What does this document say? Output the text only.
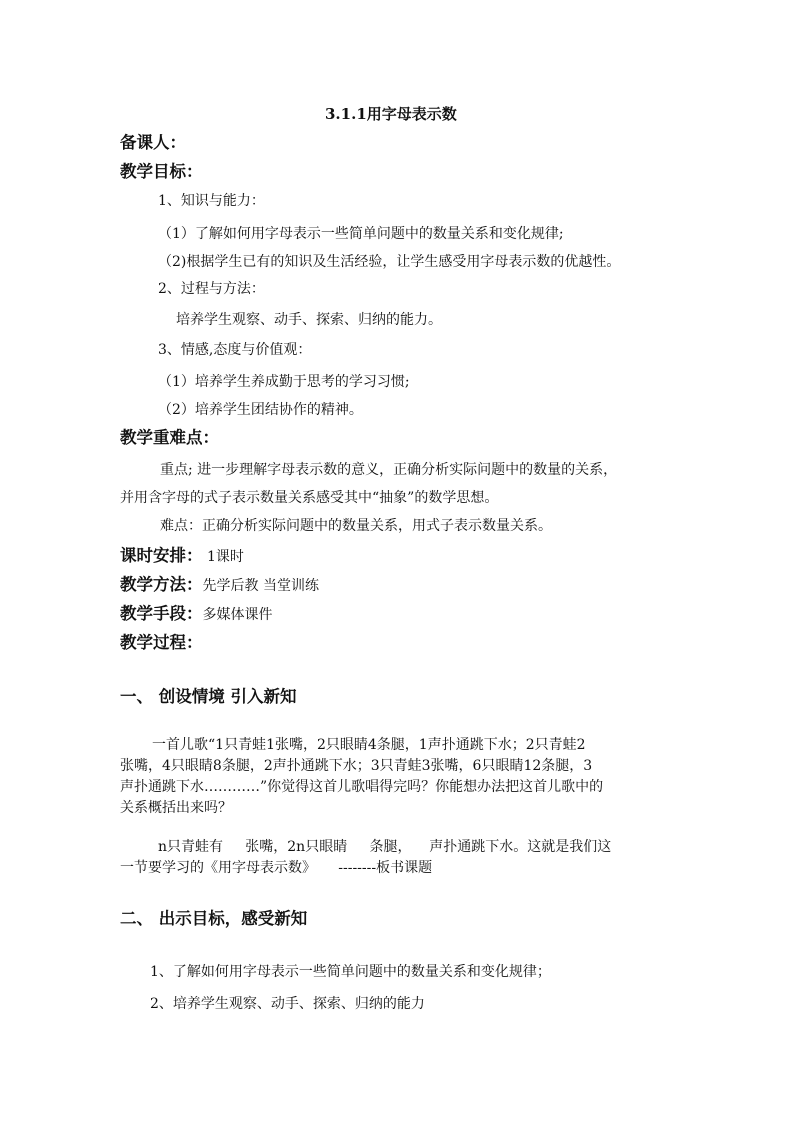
3.1.1用字母表示数
备课人：
教学目标：
1、知识与能力：
（1）了解如何用字母表示一些简单问题中的数量关系和变化规律;
（2)根据学生已有的知识及生活经验，让学生感受用字母表示数的优越性。
2、过程与方法：
培养学生观察、动手、探索、归纳的能力。
3、情感,态度与价值观：
（1）培养学生养成勤于思考的学习习惯;
（2）培养学生团结协作的精神。
教学重难点：
重点; 进一步理解字母表示数的意义，正确分析实际问题中的数量的关系，
并用含字母的式子表示数量关系感受其中“抽象”的数学思想。
难点：正确分析实际问题中的数量关系，用式子表示数量关系。
课时安排： 1课时
教学方法：先学后教 当堂训练
教学手段：多媒体课件
教学过程：
一、 创设情境 引入新知
一首儿歌“1只青蛙1张嘴，2只眼睛4条腿，1声扑通跳下水；2只青蛙2
张嘴，4只眼睛8条腿，2声扑通跳下水；3只青蛙3张嘴，6只眼睛12条腿，3
声扑通跳下水…………”你觉得这首儿歌唱得完吗？你能想办法把这首儿歌中的
关系概括出来吗？
n只青蛙有     张嘴，2n只眼睛     条腿，    声扑通跳下水。这就是我们这
一节要学习的《用字母表示数》     --------板书课题
二、 出示目标，感受新知
1、了解如何用字母表示一些简单问题中的数量关系和变化规律；
2、培养学生观察、动手、探索、归纳的能力
